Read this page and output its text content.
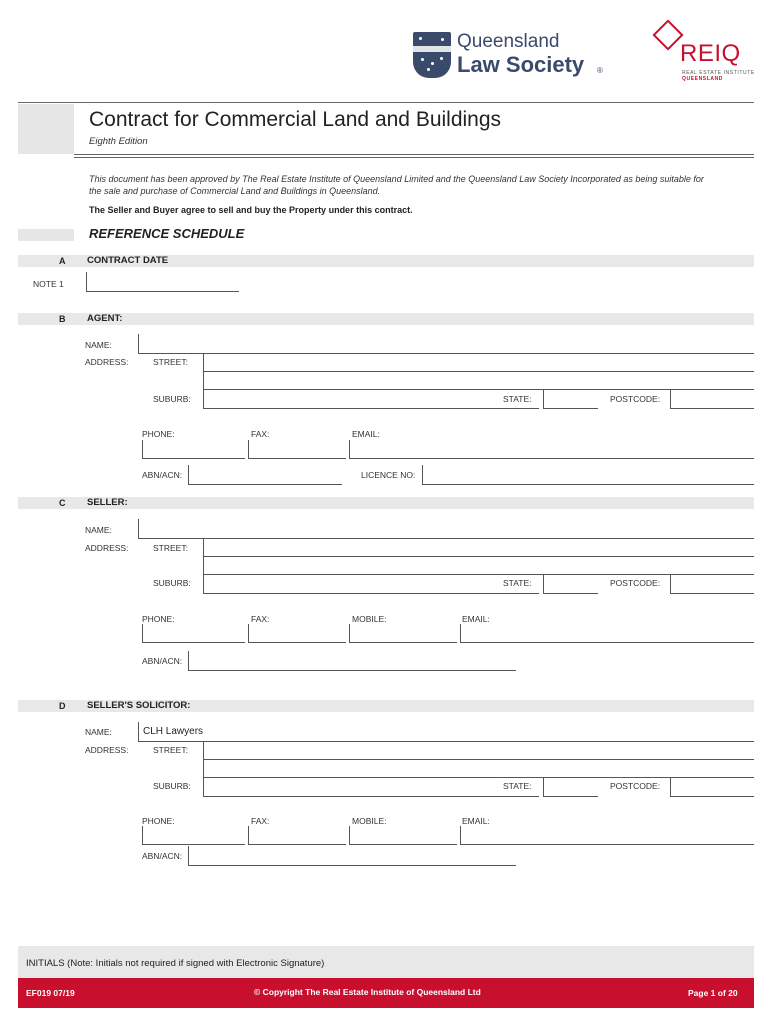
Queensland
Law Society ®
REIQ
REAL ESTATE INSTITUTE
QUEENSLAND
Contract for Commercial Land and Buildings
Eighth Edition
This document has been approved by The Real Estate Institute of Queensland Limited and the Queensland Law Society Incorporated as being suitable for the sale and purchase of Commercial Land and Buildings in Queensland.
The Seller and Buyer agree to sell and buy the Property under this contract.
REFERENCE SCHEDULE
A CONTRACT DATE
NOTE 1
B AGENT:
NAME:
ADDRESS:	STREET:
SUBURB:	STATE:	POSTCODE:
PHONE:	FAX:	EMAIL:
ABN/ACN:	LICENCE NO:
C SELLER:
NAME:
ADDRESS:	STREET:
SUBURB:	STATE:	POSTCODE:
PHONE:	FAX:	MOBILE:	EMAIL:
ABN/ACN:
D SELLER'S SOLICITOR:
NAME:	CLH Lawyers
ADDRESS:	STREET:
SUBURB:	STATE:	POSTCODE:
PHONE:	FAX:	MOBILE:	EMAIL:
ABN/ACN:
INITIALS (Note: Initials not required if signed with Electronic Signature)
EF019 07/19	© Copyright The Real Estate Institute of Queensland Ltd	Page 1 of 20
